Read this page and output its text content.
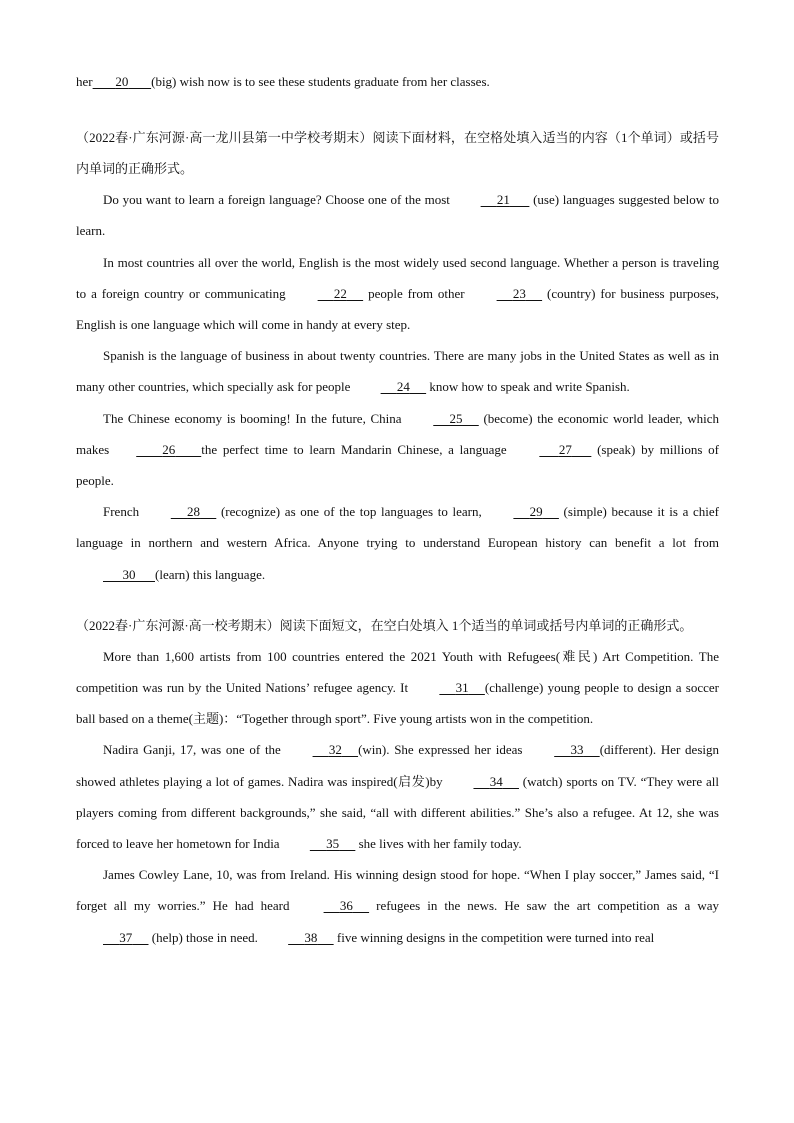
her 20 (big) wish now is to see these students graduate from her classes.
（2022春·广东河源·高一龙川县第一中学校考期末）阅读下面材料，在空格处填入适当的内容（1个单词）或括号内单词的正确形式。
Do you want to learn a foreign language? Choose one of the most	21       (use) languages suggested below to learn.
In most countries all over the world, English is the most widely used second language. Whether a person is traveling to a foreign country or communicating	22      people from other	23      (country) for business purposes, English is one language which will come in handy at every step.
Spanish is the language of business in about twenty countries. There are many jobs in the United States as well as in many other countries, which specially ask for people	24      know how to speak and write Spanish.
The Chinese economy is booming! In the future, China	25      (become) the economic world leader, which makes	26 the perfect time to learn Mandarin Chinese, a language	27       (speak) by millions of people.
French	28      (recognize) as one of the top languages to learn,	29      (simple) because it is a chief language in northern and western Africa. Anyone trying to understand European history can benefit a lot from       30 (learn) this language.
（2022春·广东河源·高一校考期末）阅读下面短文，在空白处填入 1个适当的单词或括号内单词的正确形式。
More than 1,600 artists from 100 countries entered the 2021 Youth with Refugees(难民) Art Competition. The competition was run by the United Nations’ refugee agency. It	31 (challenge) young people to design a soccer ball based on a theme(主题)：“Together through sport”. Five young artists won in the competition.
Nadira Ganji, 17, was one of the	32 (win). She expressed her ideas	33 (different). Her design showed athletes playing a lot of games. Nadira was inspired(启发)by	34      (watch) sports on TV. “They were all players coming from different backgrounds,” she said, “all with different abilities.” She’s also a refugee. At 12, she was forced to leave her hometown for India	35      she lives with her family today.
James Cowley Lane, 10, was from Ireland. His winning design stood for hope. “When I play soccer,” James said, “I forget all my worries.” He had heard	36      refugees in the news. He saw the art competition as a way      37      (help) those in need.	38      five winning designs in the competition were turned into real
